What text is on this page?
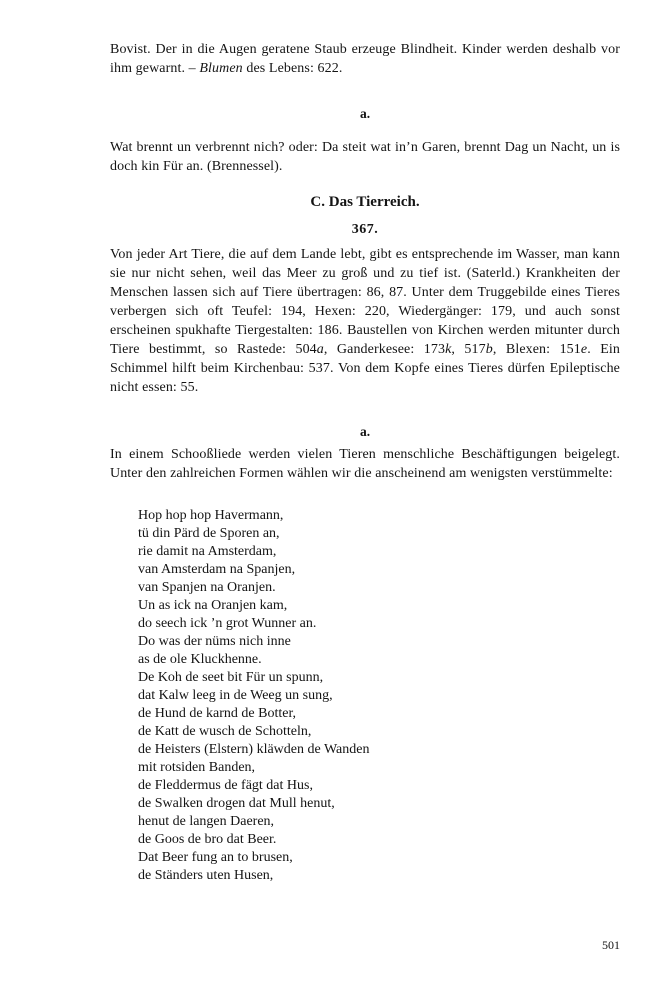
Bovist. Der in die Augen geratene Staub erzeuge Blindheit. Kinder werden deshalb vor ihm gewarnt. – Blumen des Lebens: 622.

a.

Wat brennt un verbrennt nich? oder: Da steit wat in’n Garen, brennt Dag un Nacht, un is doch kin Für an. (Brennessel).

C. Das Tierreich.
367.

Von jeder Art Tiere, die auf dem Lande lebt, gibt es entsprechende im Wasser, man kann sie nur nicht sehen, weil das Meer zu groß und zu tief ist. (Saterld.) Krankheiten der Menschen lassen sich auf Tiere übertragen: 86, 87. Unter dem Truggebilde eines Tieres verbergen sich oft Teufel: 194, Hexen: 220, Wiedergänger: 179, und auch sonst erscheinen spukhafte Tiergestalten: 186. Baustellen von Kirchen werden mitunter durch Tiere bestimmt, so Rastede: 504a, Ganderkesee: 173k, 517b, Blexen: 151e. Ein Schimmel hilft beim Kirchenbau: 537. Von dem Kopfe eines Tieres dürfen Epileptische nicht essen: 55.

a.

In einem Schooßliede werden vielen Tieren menschliche Beschäftigungen beigelegt. Unter den zahlreichen Formen wählen wir die anscheinend am wenigsten verstümmelte:

Hop hop hop Havermann,
tü din Pärd de Sporen an,
rie damit na Amsterdam,
van Amsterdam na Spanjen,
van Spanjen na Oranjen.
Un as ick na Oranjen kam,
do seech ick ’n grot Wunner an.
Do was der nüms nich inne
as de ole Kluckhenne.
De Koh de seet bit Für un spunn,
dat Kalw leeg in de Weeg un sung,
de Hund de karnd de Botter,
de Katt de wusch de Schotteln,
de Heisters (Elstern) kläwden de Wanden
mit rotsiden Banden,
de Fleddermus de fägt dat Hus,
de Swalken drogen dat Mull henut,
henut de langen Daeren,
de Goos de bro dat Beer.
Dat Beer fung an to brusen,
de Ständers uten Husen,
501
